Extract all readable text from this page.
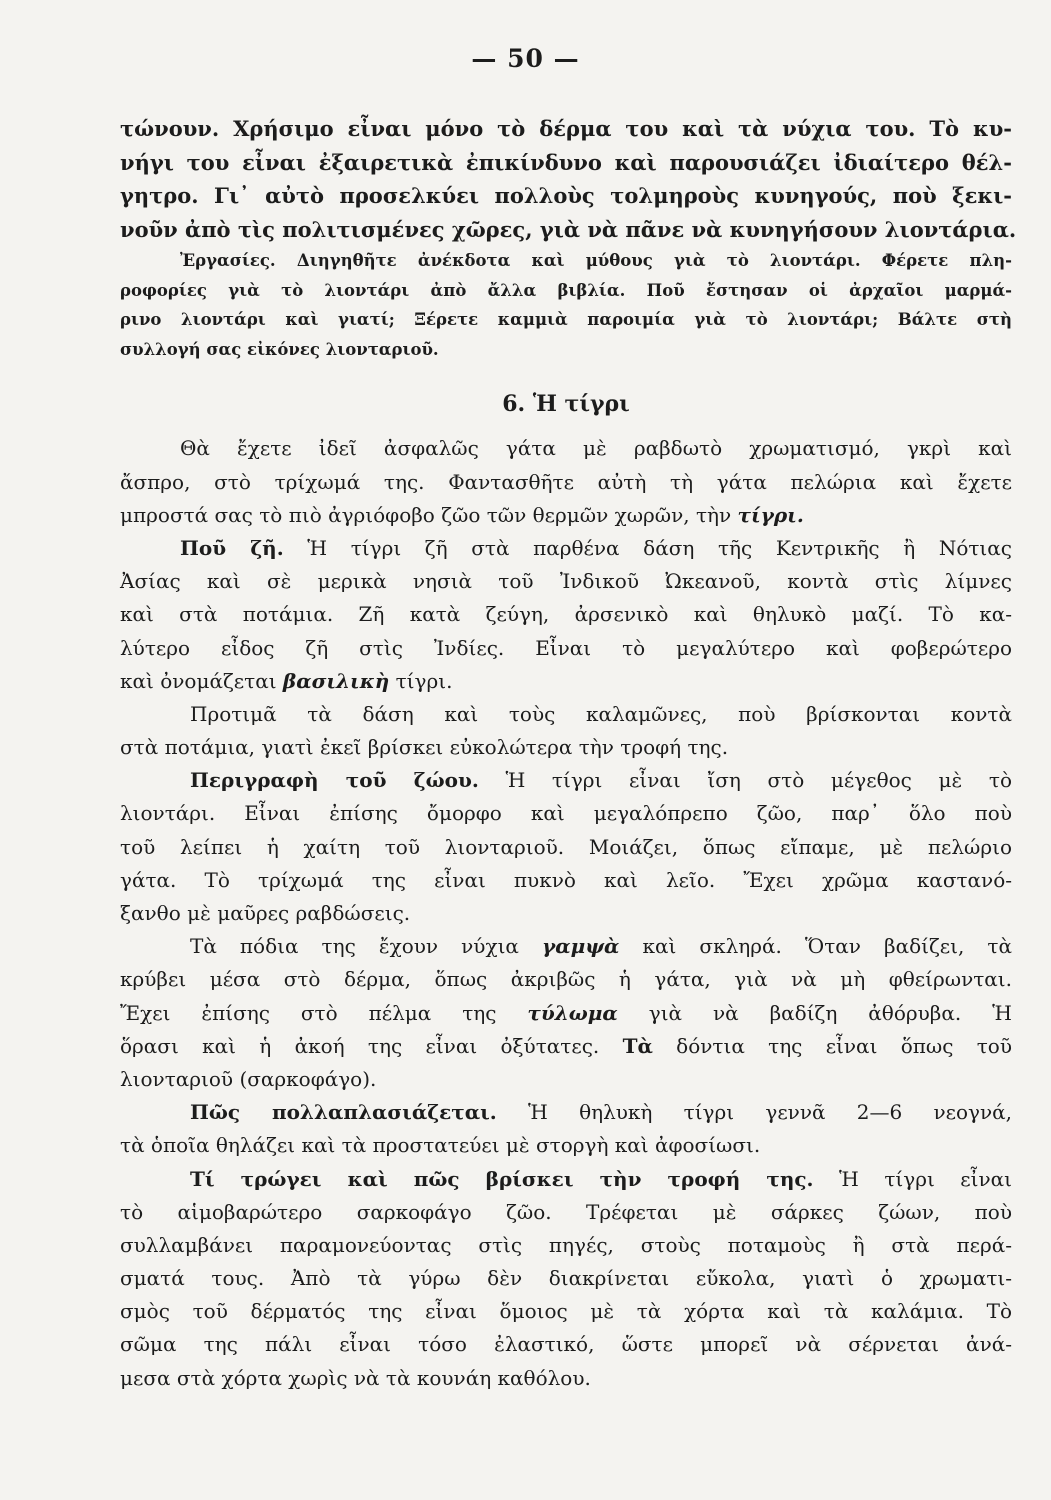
— 50 —
τώνουν. Χρήσιμο εἶναι μόνο τὸ δέρμα του καὶ τὰ νύχια του. Τὸ κυ-
νήγι του εἶναι ἐξαιρετικὰ ἐπικίνδυνο καὶ παρουσιάζει ἰδιαίτερο θέλ-
γητρο. Γι᾽ αὐτὸ προσελκύει πολλοὺς τολμηροὺς κυνηγούς, ποὺ ξεκι-
νοῦν ἀπὸ τὶς πολιτισμένες χῶρες, γιὰ νὰ πᾶνε νὰ κυνηγήσουν λιοντάρια.
Ἐργασίες. Διηγηθῆτε ἀνέκδοτα καὶ μύθους γιὰ τὸ λιοντάρι. Φέρετε πλη-
ροφορίες γιὰ τὸ λιοντάρι ἀπὸ ἄλλα βιβλία. Ποῦ ἔστησαν οἱ ἀρχαῖοι μαρμά-
ρινο λιοντάρι καὶ γιατί; Ξέρετε καμμιὰ παροιμία γιὰ τὸ λιοντάρι; Βάλτε στὴ
συλλογή σας εἰκόνες λιονταριοῦ.
6. Ἡ τίγρι
Θὰ ἔχετε ἰδεῖ ἀσφαλῶς γάτα μὲ ραβδωτὸ χρωματισμό, γκρὶ καὶ
ἄσπρο, στὸ τρίχωμά της. Φαντασθῆτε αὐτὴ τὴ γάτα πελώρια καὶ ἔχετε
μπροστά σας τὸ πιὸ ἀγριόφοβο ζῶο τῶν θερμῶν χωρῶν, τὴν τίγρι.
Ποῦ ζῆ. Ἡ τίγρι ζῆ στὰ παρθένα δάση τῆς Κεντρικῆς ἢ Νότιας
Ἀσίας καὶ σὲ μερικὰ νησιὰ τοῦ Ἰνδικοῦ Ὠκεανοῦ, κοντὰ στὶς λίμνες
καὶ στὰ ποτάμια. Ζῆ κατὰ ζεύγη, ἀρσενικὸ καὶ θηλυκὸ μαζί. Τὸ κα-
λύτερο εἶδος ζῆ στὶς Ἰνδίες. Εἶναι τὸ μεγαλύτερο καὶ φοβερώτερο
καὶ ὀνομάζεται βασιλικὴ τίγρι.
Προτιμᾶ τὰ δάση καὶ τοὺς καλαμῶνες, ποὺ βρίσκονται κοντὰ
στὰ ποτάμια, γιατὶ ἐκεῖ βρίσκει εὐκολώτερα τὴν τροφή της.
Περιγραφὴ τοῦ ζώου. Ἡ τίγρι εἶναι ἴση στὸ μέγεθος μὲ τὸ
λιοντάρι. Εἶναι ἐπίσης ὄμορφο καὶ μεγαλόπρεπο ζῶο, παρ᾽ ὅλο ποὺ
τοῦ λείπει ἡ χαίτη τοῦ λιονταριοῦ. Μοιάζει, ὅπως εἴπαμε, μὲ πελώριο
γάτα. Τὸ τρίχωμά της εἶναι πυκνὸ καὶ λεῖο. Ἔχει χρῶμα καστανό-
ξανθο μὲ μαῦρες ραβδώσεις.
Τὰ πόδια της ἔχουν νύχια γαμψὰ καὶ σκληρά. Ὅταν βαδίζει, τὰ
κρύβει μέσα στὸ δέρμα, ὅπως ἀκριβῶς ἡ γάτα, γιὰ νὰ μὴ φθείρωνται.
Ἔχει ἐπίσης στὸ πέλμα της τύλωμα γιὰ νὰ βαδίζη ἀθόρυβα. Ἡ
ὅρασι καὶ ἡ ἀκοή της εἶναι ὀξύτατες. Τὰ δόντια της εἶναι ὅπως τοῦ
λιονταριοῦ (σαρκοφάγο).
Πῶς πολλαπλασιάζεται. Ἡ θηλυκὴ τίγρι γεννᾶ 2—6 νεογνά,
τὰ ὁποῖα θηλάζει καὶ τὰ προστατεύει μὲ στοργὴ καὶ ἀφοσίωσι.
Τί τρώγει καὶ πῶς βρίσκει τὴν τροφή της. Ἡ τίγρι εἶναι
τὸ αἱμοβαρώτερο σαρκοφάγο ζῶο. Τρέφεται μὲ σάρκες ζώων, ποὺ
συλλαμβάνει παραμονεύοντας στὶς πηγές, στοὺς ποταμοὺς ἢ στὰ περά-
σματά τους. Ἀπὸ τὰ γύρω δὲν διακρίνεται εὔκολα, γιατὶ ὁ χρωματι-
σμὸς τοῦ δέρματός της εἶναι ὅμοιος μὲ τὰ χόρτα καὶ τὰ καλάμια. Τὸ
σῶμα της πάλι εἶναι τόσο ἐλαστικό, ὥστε μπορεῖ νὰ σέρνεται ἀνά-
μεσα στὰ χόρτα χωρὶς νὰ τὰ κουνάη καθόλου.
